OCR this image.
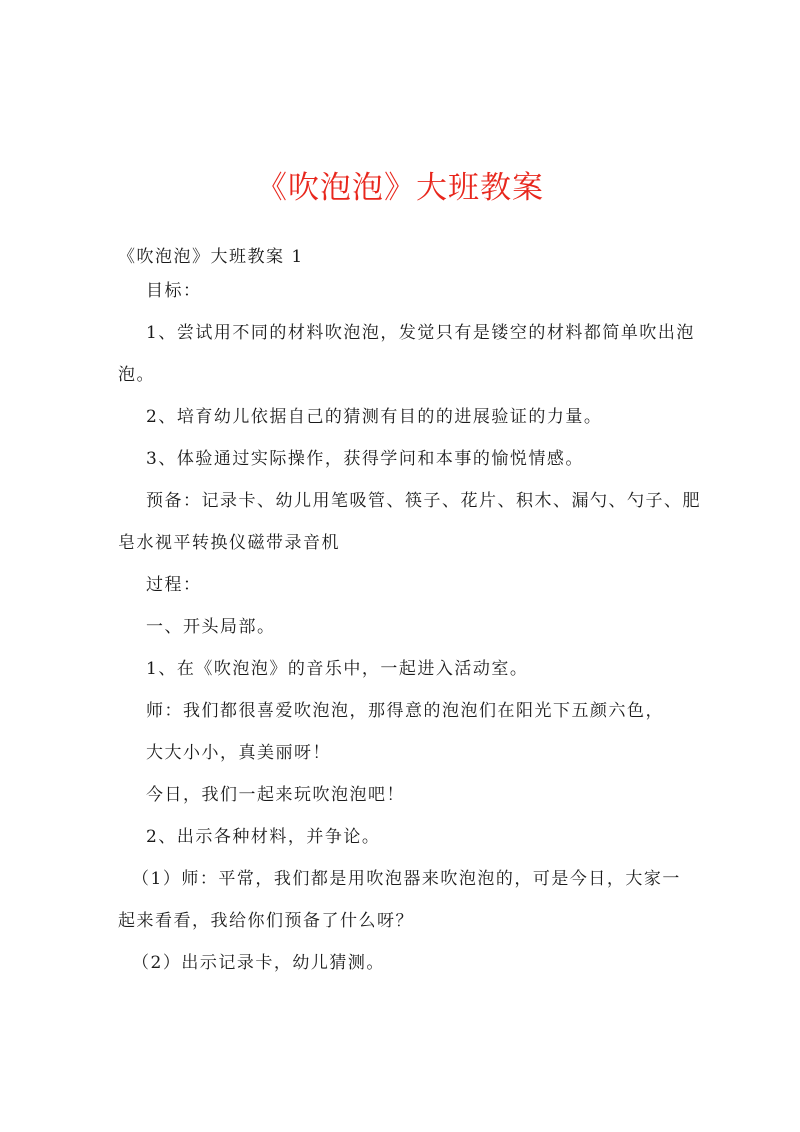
《吹泡泡》大班教案

《吹泡泡》大班教案 1

目标：

1、尝试用不同的材料吹泡泡，发觉只有是镂空的材料都简单吹出泡

泡。

2、培育幼儿依据自己的猜测有目的的进展验证的力量。

3、体验通过实际操作，获得学问和本事的愉悦情感。

预备：记录卡、幼儿用笔吸管、筷子、花片、积木、漏勺、勺子、肥

皂水视平转换仪磁带录音机

过程：

一、开头局部。

1、在《吹泡泡》的音乐中，一起进入活动室。

师：我们都很喜爱吹泡泡，那得意的泡泡们在阳光下五颜六色，

大大小小，真美丽呀！

今日，我们一起来玩吹泡泡吧！

2、出示各种材料，并争论。

（1）师：平常，我们都是用吹泡器来吹泡泡的，可是今日，大家一

起来看看，我给你们预备了什么呀？

（2）出示记录卡，幼儿猜测。
